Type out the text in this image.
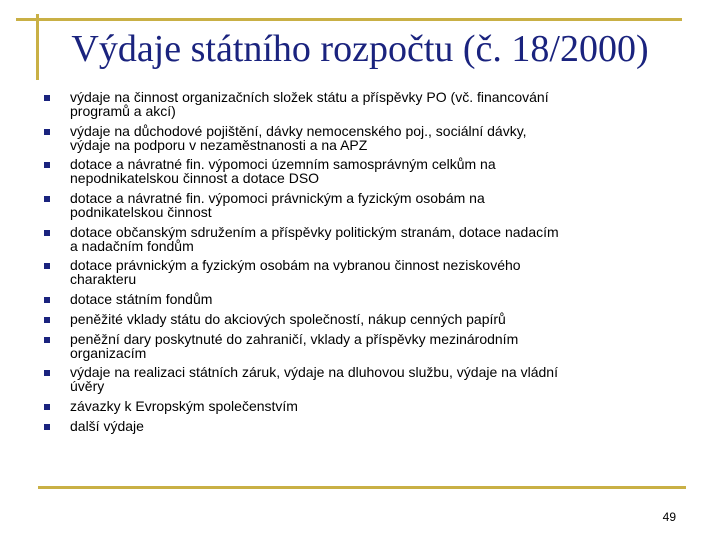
Výdaje státního rozpočtu (č. 18/2000)
výdaje na činnost organizačních složek státu a příspěvky PO (vč. financování
programů a akcí)
výdaje na důchodové pojištění, dávky nemocenského poj., sociální dávky,
výdaje na podporu v nezaměstnanosti a na APZ
dotace a návratné fin. výpomoci územním samosprávným celkům na
nepodnikatelskou činnost a dotace DSO
dotace a návratné fin. výpomoci právnickým a fyzickým osobám na
podnikatelskou činnost
dotace občanským sdružením a příspěvky politickým stranám, dotace nadacím
a nadačním fondům
dotace právnickým a fyzickým osobám na vybranou činnost neziskového
charakteru
dotace státním fondům
peněžité vklady státu do akciových společností, nákup cenných papírů
peněžní dary poskytnuté do zahraničí, vklady a příspěvky mezinárodním
organizacím
výdaje na realizaci státních záruk, výdaje na dluhovou službu, výdaje na vládní
úvěry
závazky k Evropským společenstvím
další výdaje
49
